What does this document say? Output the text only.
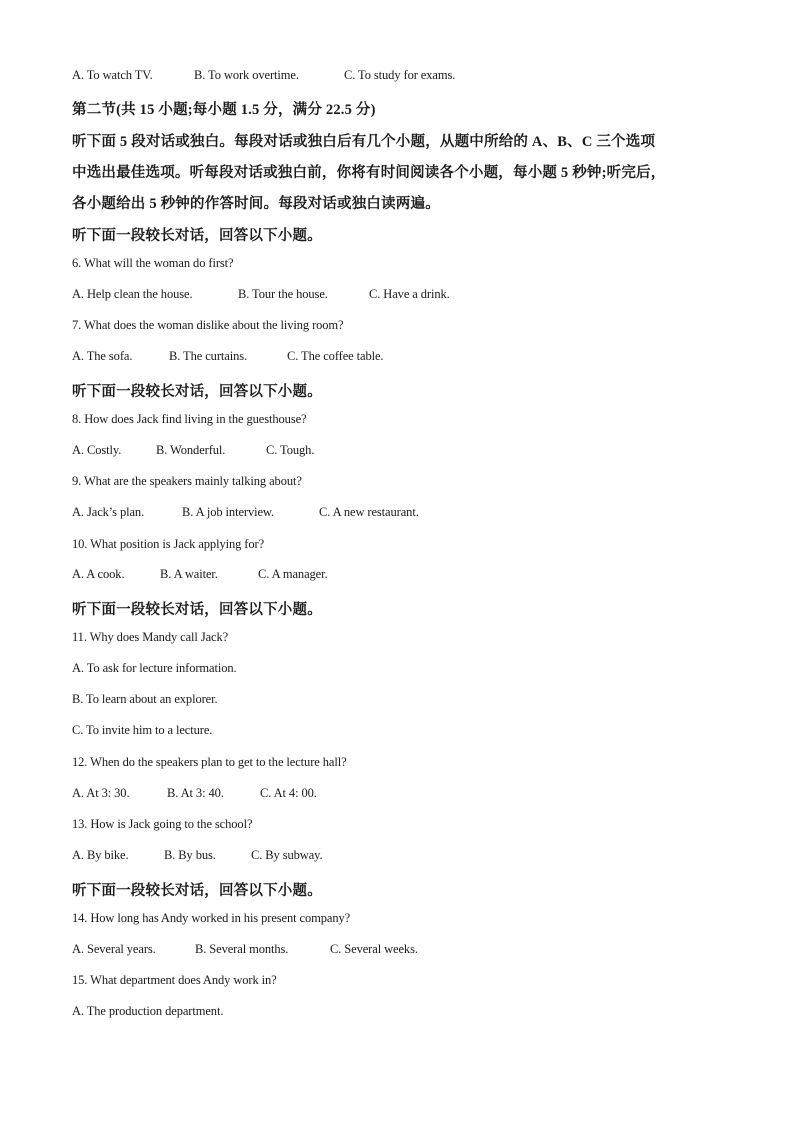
A. To watch TV.	B. To work overtime.	C. To study for exams.
第二节(共 15 小题;每小题 1.5 分，满分 22.5 分)
听下面 5 段对话或独白。每段对话或独白后有几个小题，从题中所给的 A、B、C 三个选项
中选出最佳选项。听每段对话或独白前，你将有时间阅读各个小题，每小题 5 秒钟;听完后，
各小题给出 5 秒钟的作答时间。每段对话或独白读两遍。
听下面一段较长对话，回答以下小题。
6. What will the woman do first?
A. Help clean the house.	B. Tour the house.	C. Have a drink.
7. What does the woman dislike about the living room?
A. The sofa.	B. The curtains.	C. The coffee table.
听下面一段较长对话，回答以下小题。
8. How does Jack find living in the guesthouse?
A. Costly.	B. Wonderful.	C. Tough.
9. What are the speakers mainly talking about?
A. Jack’s plan.	B. A job interview.	C. A new restaurant.
10. What position is Jack applying for?
A. A cook.	B. A waiter.	C. A manager.
听下面一段较长对话，回答以下小题。
11. Why does Mandy call Jack?
A. To ask for lecture information.
B. To learn about an explorer.
C. To invite him to a lecture.
12. When do the speakers plan to get to the lecture hall?
A. At 3: 30.	B. At 3: 40.	C. At 4: 00.
13. How is Jack going to the school?
A. By bike.	B. By bus.	C. By subway.
听下面一段较长对话，回答以下小题。
14. How long has Andy worked in his present company?
A. Several years.	B. Several months.	C. Several weeks.
15. What department does Andy work in?
A. The production department.
